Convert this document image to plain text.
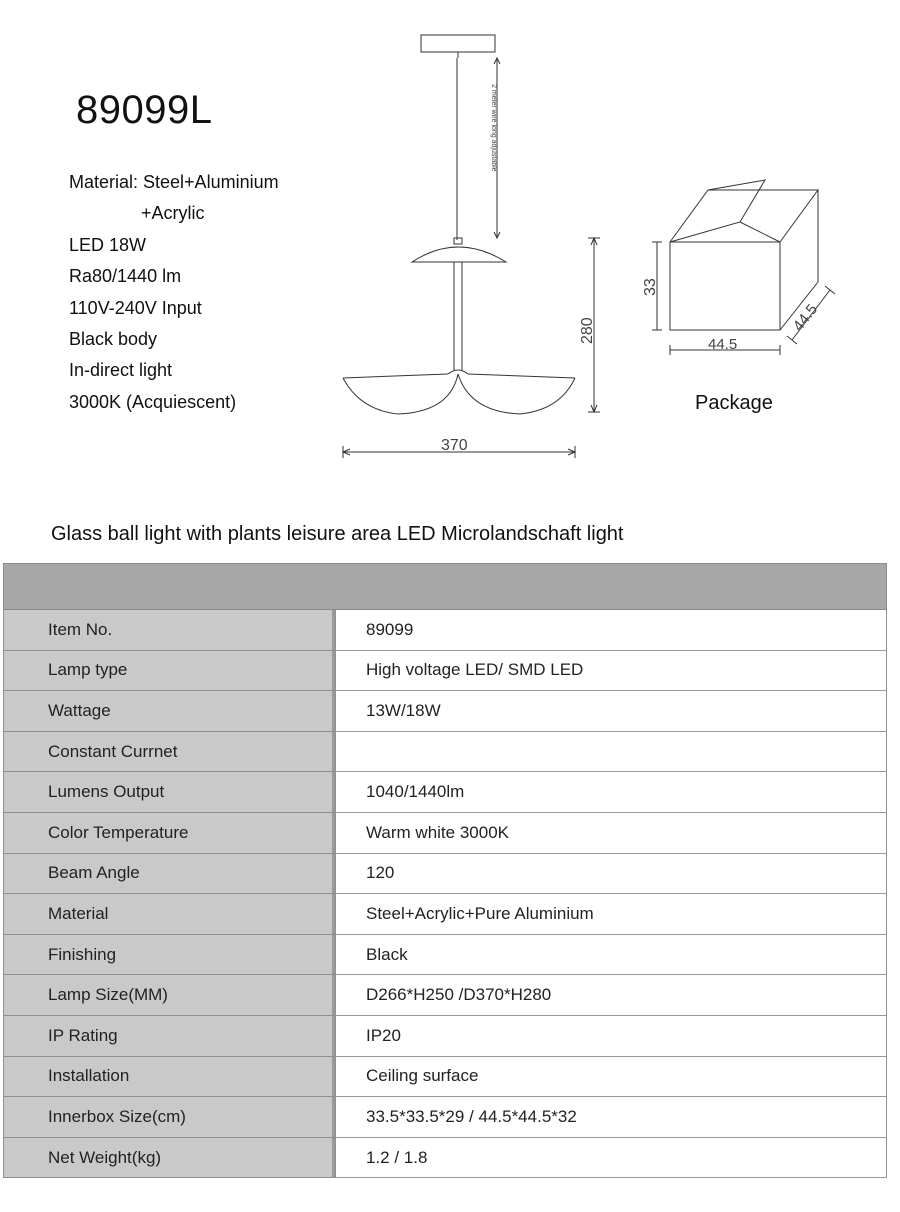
89099L
Material: Steel+Aluminium
+Acrylic
LED 18W
Ra80/1440 lm
110V-240V Input
Black body
In-direct light
3000K (Acquiescent)
2 meter wire long adjustable
280
370
33
44.5
44.5
Package
Glass ball light with plants leisure area LED Microlandschaft light
Item No.	89099
Lamp type	High voltage LED/ SMD LED
Wattage	13W/18W
Constant Currnet
Lumens Output	1040/1440lm
Color Temperature	Warm white 3000K
Beam Angle	120
Material	Steel+Acrylic+Pure Aluminium
Finishing	Black
Lamp Size(MM)	D266*H250 /D370*H280
IP Rating	IP20
Installation	Ceiling surface
Innerbox Size(cm)	33.5*33.5*29 / 44.5*44.5*32
Net Weight(kg)	1.2 / 1.8
